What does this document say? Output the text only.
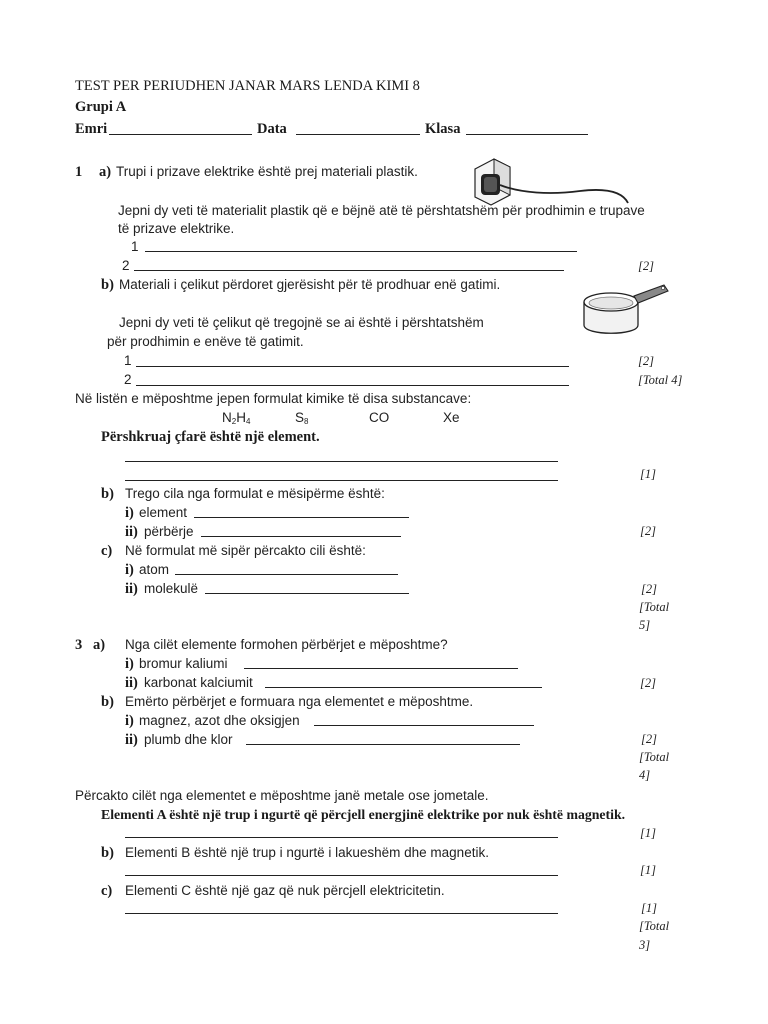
TEST PER PERIUDHEN JANAR MARS LENDA KIMI 8
Grupi A
Emri	Data	Klasa
1 a) Trupi i prizave elektrike është prej materiali plastik.
Jepni dy veti të materialit plastik që e bëjnë atë të përshtatshëm për prodhimin e trupave
të prizave elektrike.
1
2	[2]
b) Materiali i çelikut përdoret gjerësisht për të prodhuar enë gatimi.
Jepni dy veti të çelikut që tregojnë se ai është i përshtatshëm
për prodhimin e enëve të gatimit.
1	[2]
2	[Total 4]
Në listën e mëposhtme jepen formulat kimike të disa substancave:
$N_2H_4$	$S_8$	CO	Xe
Përshkruaj çfarë është një element.
[1]
b) Trego cila nga formulat e mësipërme është:
i) element
ii) përbërje	[2]
c) Në formulat më sipër përcakto cili është:
i) atom
ii) molekulë	[2]
[Total
5]
3 a) Nga cilët elemente formohen përbërjet e mëposhtme?
i) bromur kaliumi
ii) karbonat kalciumit	[2]
b) Emërto përbërjet e formuara nga elementet e mëposhtme.
i) magnez, azot dhe oksigjen
ii) plumb dhe klor	[2]
[Total
4]
Përcakto cilët nga elementet e mëposhtme janë metale ose jometale.
Elementi A është një trup i ngurtë që përcjell energjinë elektrike por nuk është magnetik.
[1]
b) Elementi B është një trup i ngurtë i lakueshëm dhe magnetik.
[1]
c) Elementi C është një gaz që nuk përcjell elektricitetin.
[1]
[Total
3]
